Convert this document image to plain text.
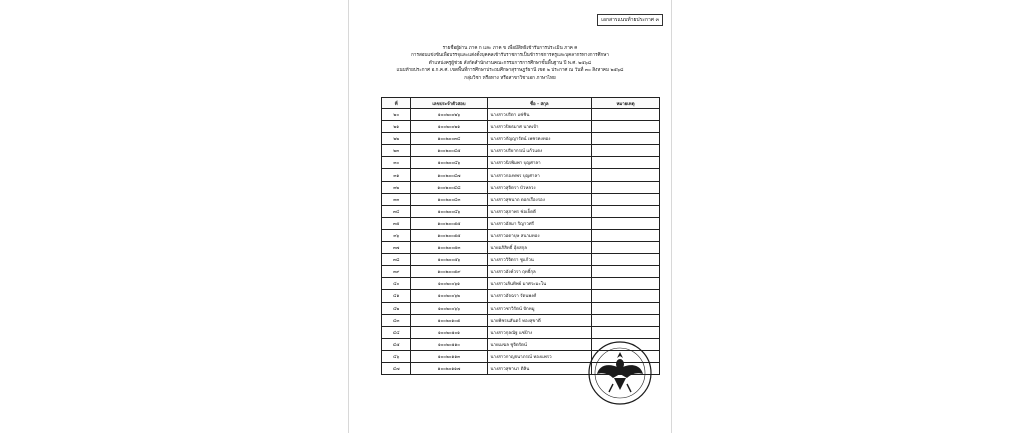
เอกสารแนบท้ายประกาศ ๓
รายชื่อผู้ผ่าน ภาค ก และ ภาค ข เพื่อมีสิทธิเข้ารับการประเมิน ภาค ค
การสอบแข่งขันเพื่อบรรจุและแต่งตั้งบุคคลเข้ารับราชการเป็นข้าราชการครูและบุคลากรทางการศึกษา
ตำแหน่งครูผู้ช่วย สังกัดสำนักงานคณะกรรมการการศึกษาขั้นพื้นฐาน ปี พ.ศ. ๒๕๖๘
แนบท้ายประกาศ อ.ก.ค.ศ. เขตพื้นที่การศึกษาประถมศึกษาสุราษฎร์ธานี เขต ๒ ประกาศ ณ วันที่ ๓๐ สิงหาคม ๒๕๖๘
กลุ่มวิชา หรือทาง หรือสาขาวิชาเอก ภาษาไทย
ที่	เลขประจำตัวสอบ	ชื่อ - สกุล	หมายเหตุ
๒๐	๑๐๐๒๐๐๒๖	นางสาวปริตา แซ่ชิน	
๒๑	๑๐๐๒๐๐๒๑	นางสาวปิยธมาศ นาคเป้า	
๒๒	๑๐๐๒๐๐๓๔	นางสาวกัญญารัตน์ เพชรคงทอง	
๒๓	๑๐๐๒๐๐๔๕	นางสาวปริยากรณ์ แก้วแดง	
๓๐	๑๐๐๒๐๐๔๖	นางสาวนิรพิมพา บุญศาลา	
๓๑	๑๐๐๒๐๐๔๗	นางสาวกองทพร บุญศาลา	
๓๒	๑๐๐๒๐๐๔๘	นางสาวสุจิตรา บัวหลวง	
๓๓	๑๐๐๒๐๐๔๓	นางสาวสุชนาถ ดอกเรืองรอง	
๓๔	๑๐๐๒๐๐๔๖	นางสาวสุภาพร ช่อเจ็ดดี	
๓๕	๑๐๐๒๐๐๕๕	นางสาวอัสมา ริญาวศรี	
๓๖	๑๐๐๒๐๐๕๕	นางสาวอดาบุษ สนามทอง	
๓๗	๑๐๐๒๐๐๕๓	นายอภิสิทธิ์ อุ้ยสกุล	
๓๘	๑๐๐๒๐๐๕๖	นางสาววิจิตรา ชูแก้วน	
๓๙	๑๐๐๒๐๐๕๙	นางสาวอังค์วรา ฤทธิ์กุล	
๔๐	๑๐๐๒๐๐๖๑	นางสาวเส้นทิพย์ มาศระมะโน	
๔๑	๑๐๐๒๐๐๖๒	นางสาวอัจฉรา รัตนพงศ์	
๔๒	๑๐๐๒๐๐๖๖	นางสาวชาวิรัตน์ ปักหมู	
๔๓	๑๐๐๒๐๑๐๕	นายพิชรนสันตร์ ทองสุขาดี	
๔๔	๑๐๐๒๐๑๐๑	นางสาวกุลณัฐ แซ่ป้าง	
๔๕	๑๐๐๒๐๑๑๐	นายเมฆล ชูจิตรัตน์	
๔๖	๑๐๐๒๐๑๑๓	นางสาวกาญจนาภรณ์ ทองแพรว	
๔๗	๑๐๐๒๐๑๑๗	นางสาวสุชานา ติลิน	
